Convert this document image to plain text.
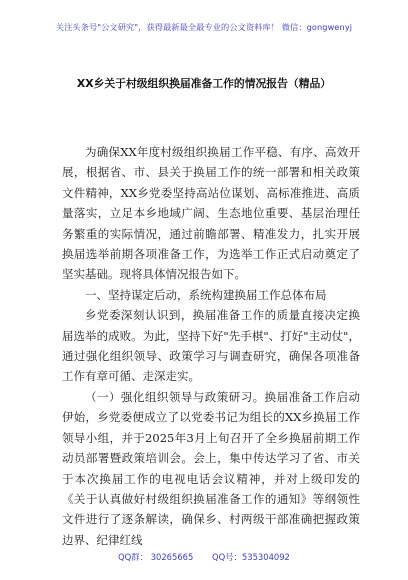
关注头条号"公文研究"，获得最新最全最专业的公文资料库！ 微信：gongwenyj
XX乡关于村级组织换届准备工作的情况报告（精品）

为确保XX年度村级组织换届工作平稳、有序、高效开展，根据省、市、县关于换届工作的统一部署和相关政策文件精神，XX乡党委坚持高站位谋划、高标准推进、高质量落实，立足本乡地域广阔、生态地位重要、基层治理任务繁重的实际情况，通过前瞻部署、精准发力，扎实开展换届选举前期各项准备工作，为选举工作正式启动奠定了坚实基础。现将具体情况报告如下。

一、坚持谋定后动，系统构建换届工作总体布局

乡党委深刻认识到，换届准备工作的质量直接决定换届选举的成败。为此，坚持下好"先手棋"、打好"主动仗"，通过强化组织领导、政策学习与调查研究，确保各项准备工作有章可循、走深走实。

（一）强化组织领导与政策研习。换届准备工作启动伊始，乡党委便成立了以党委书记为组长的XX乡换届工作领导小组，并于2025年3月上旬召开了全乡换届前期工作动员部署暨政策培训会。会上，集中传达学习了省、市关于本次换届工作的电视电话会议精神，并对上级印发的《关于认真做好村级组织换届准备工作的通知》等纲领性文件进行了逐条解读，确保乡、村两级干部准确把握政策边界、纪律红线

QQ群： 30265665 QQ号：535304092
